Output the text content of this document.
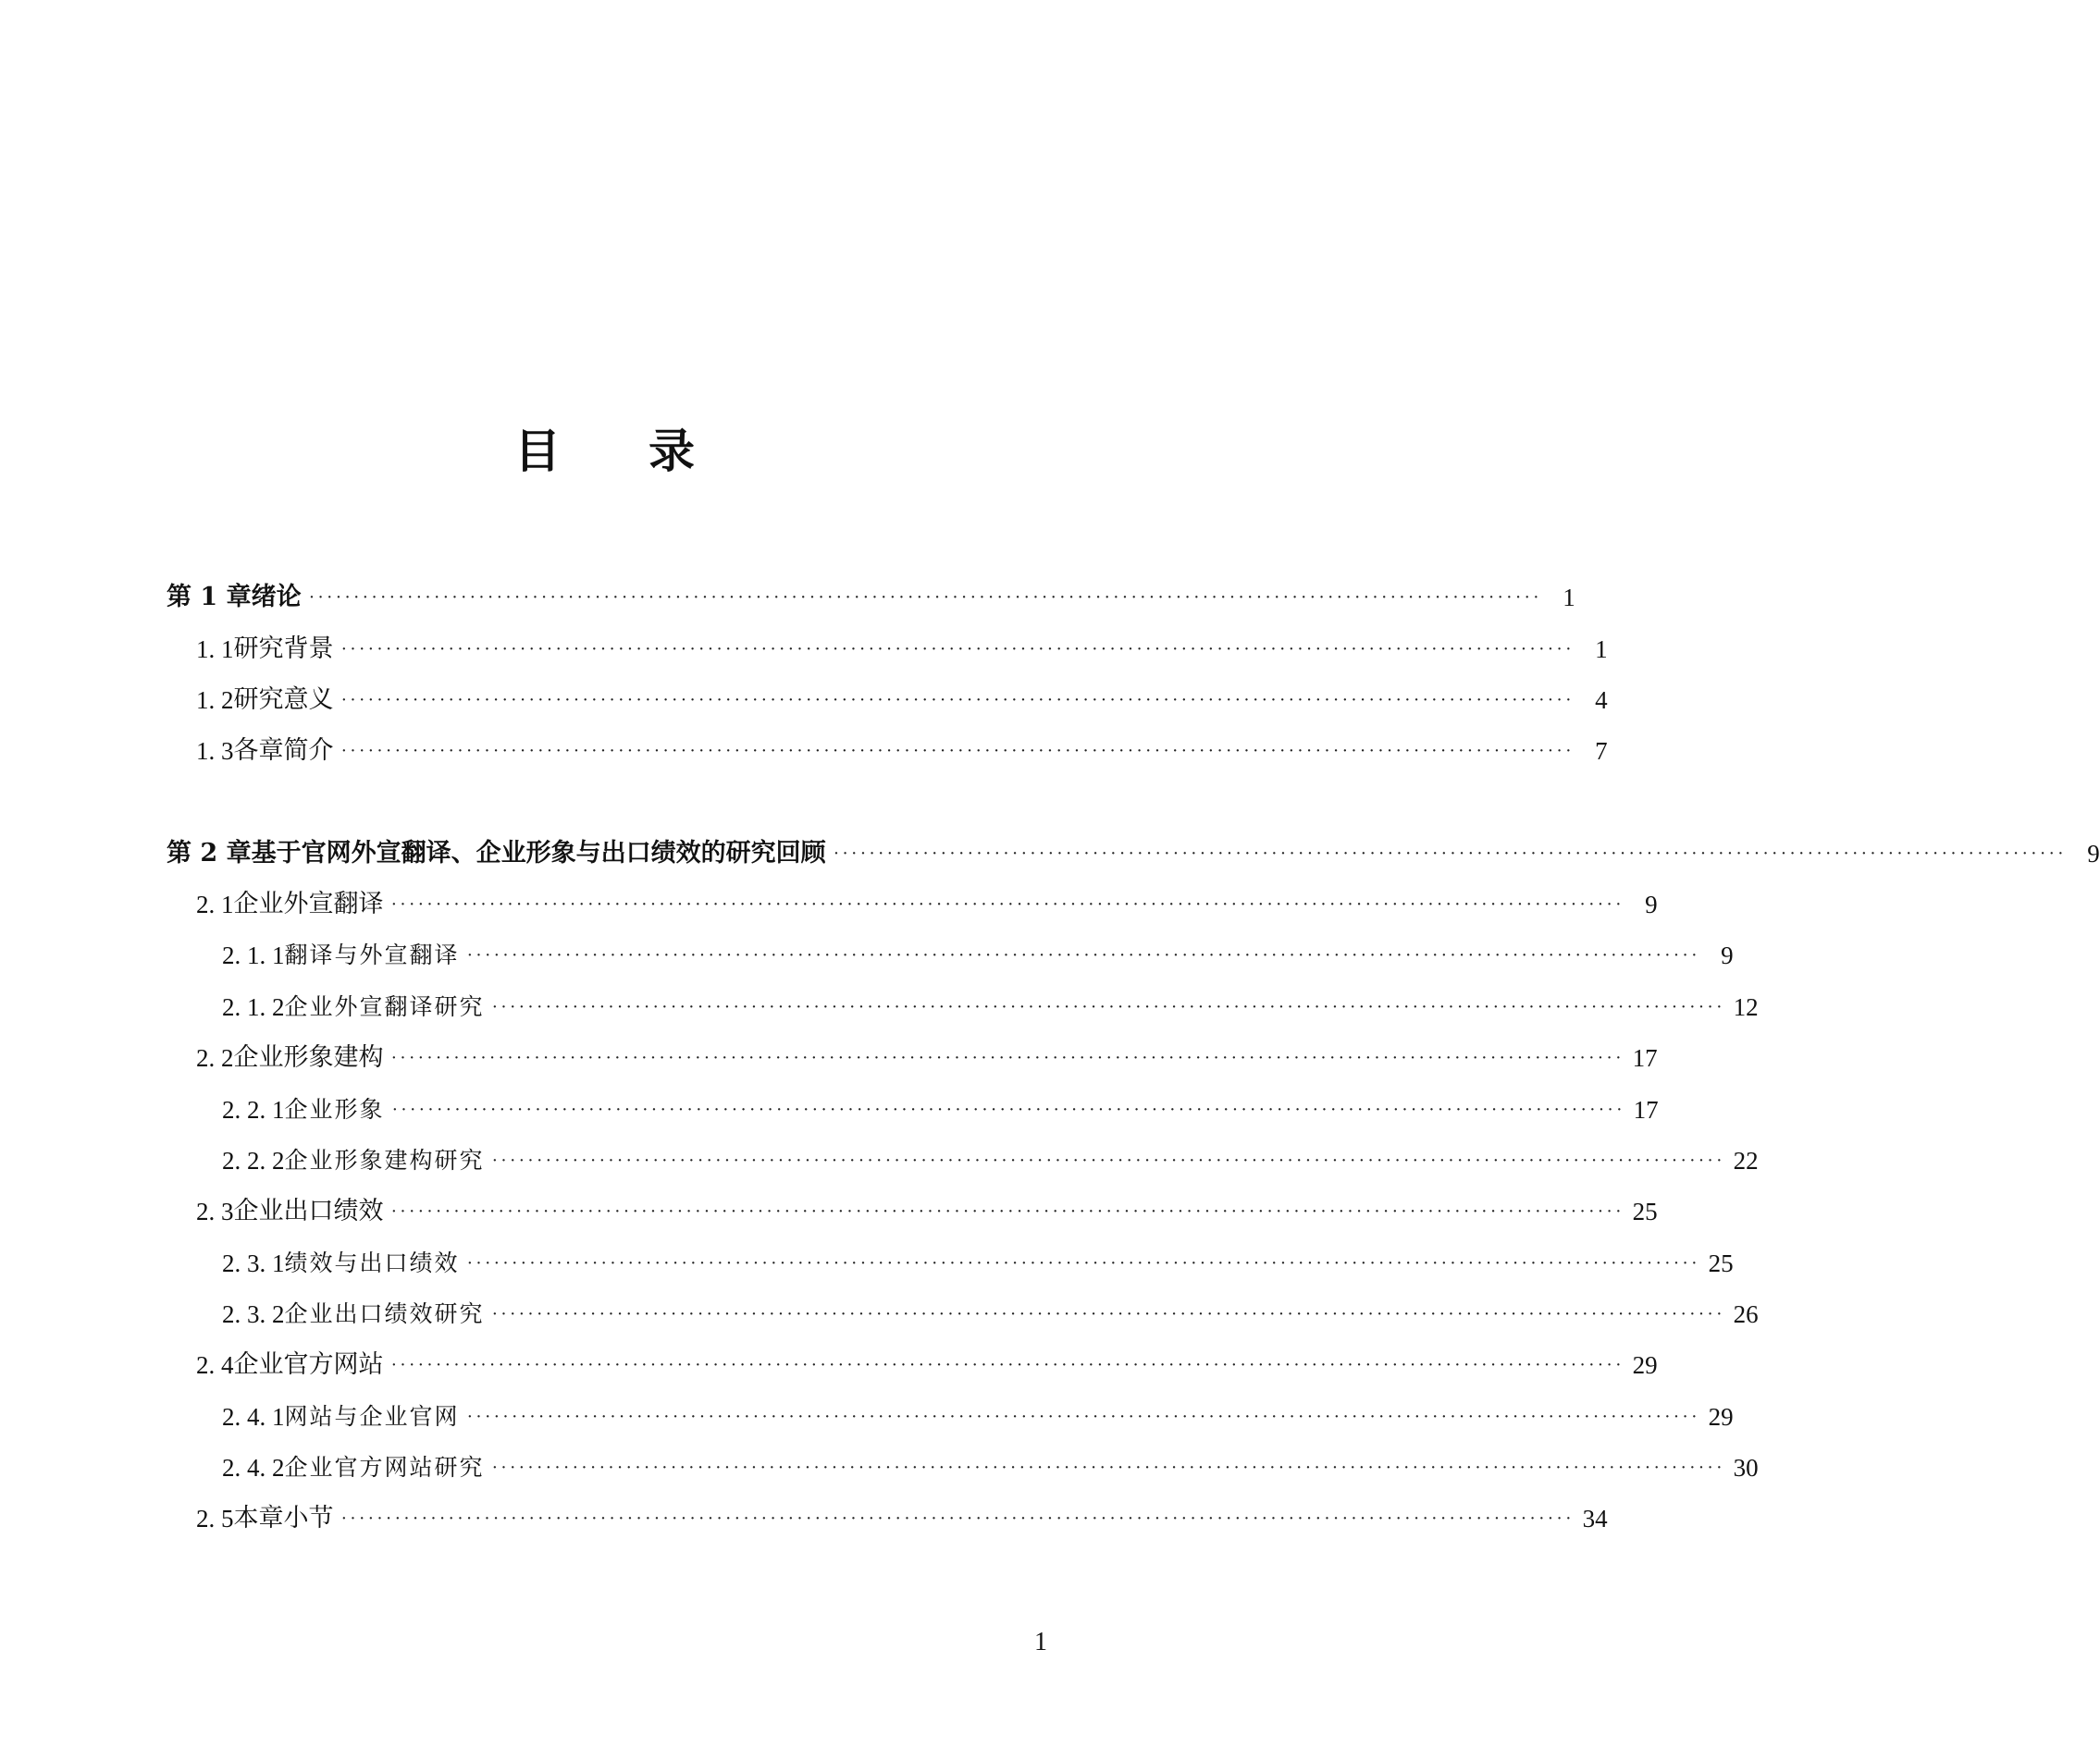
目 录
第 1 章 绪论 ·········································································································································· 1
1. 1 研究背景 ·········································································································································· 1
1. 2 研究意义 ·········································································································································· 4
1. 3 各章简介 ·········································································································································· 7
第 2 章 基于官网外宣翻译、企业形象与出口绩效的研究回顾 ·········································································································································· 9
2. 1 企业外宣翻译 ·········································································································································· 9
2. 1. 1 翻译与外宣翻译 ·········································································································································· 9
2. 1. 2 企业外宣翻译研究 ·········································································································································· 12
2. 2 企业形象建构 ·········································································································································· 17
2. 2. 1 企业形象 ·········································································································································· 17
2. 2. 2 企业形象建构研究 ·········································································································································· 22
2. 3 企业出口绩效 ·········································································································································· 25
2. 3. 1 绩效与出口绩效 ·········································································································································· 25
2. 3. 2 企业出口绩效研究 ·········································································································································· 26
2. 4 企业官方网站 ·········································································································································· 29
2. 4. 1 网站与企业官网 ·········································································································································· 29
2. 4. 2 企业官方网站研究 ·········································································································································· 30
2. 5 本章小节 ·········································································································································· 34
1
